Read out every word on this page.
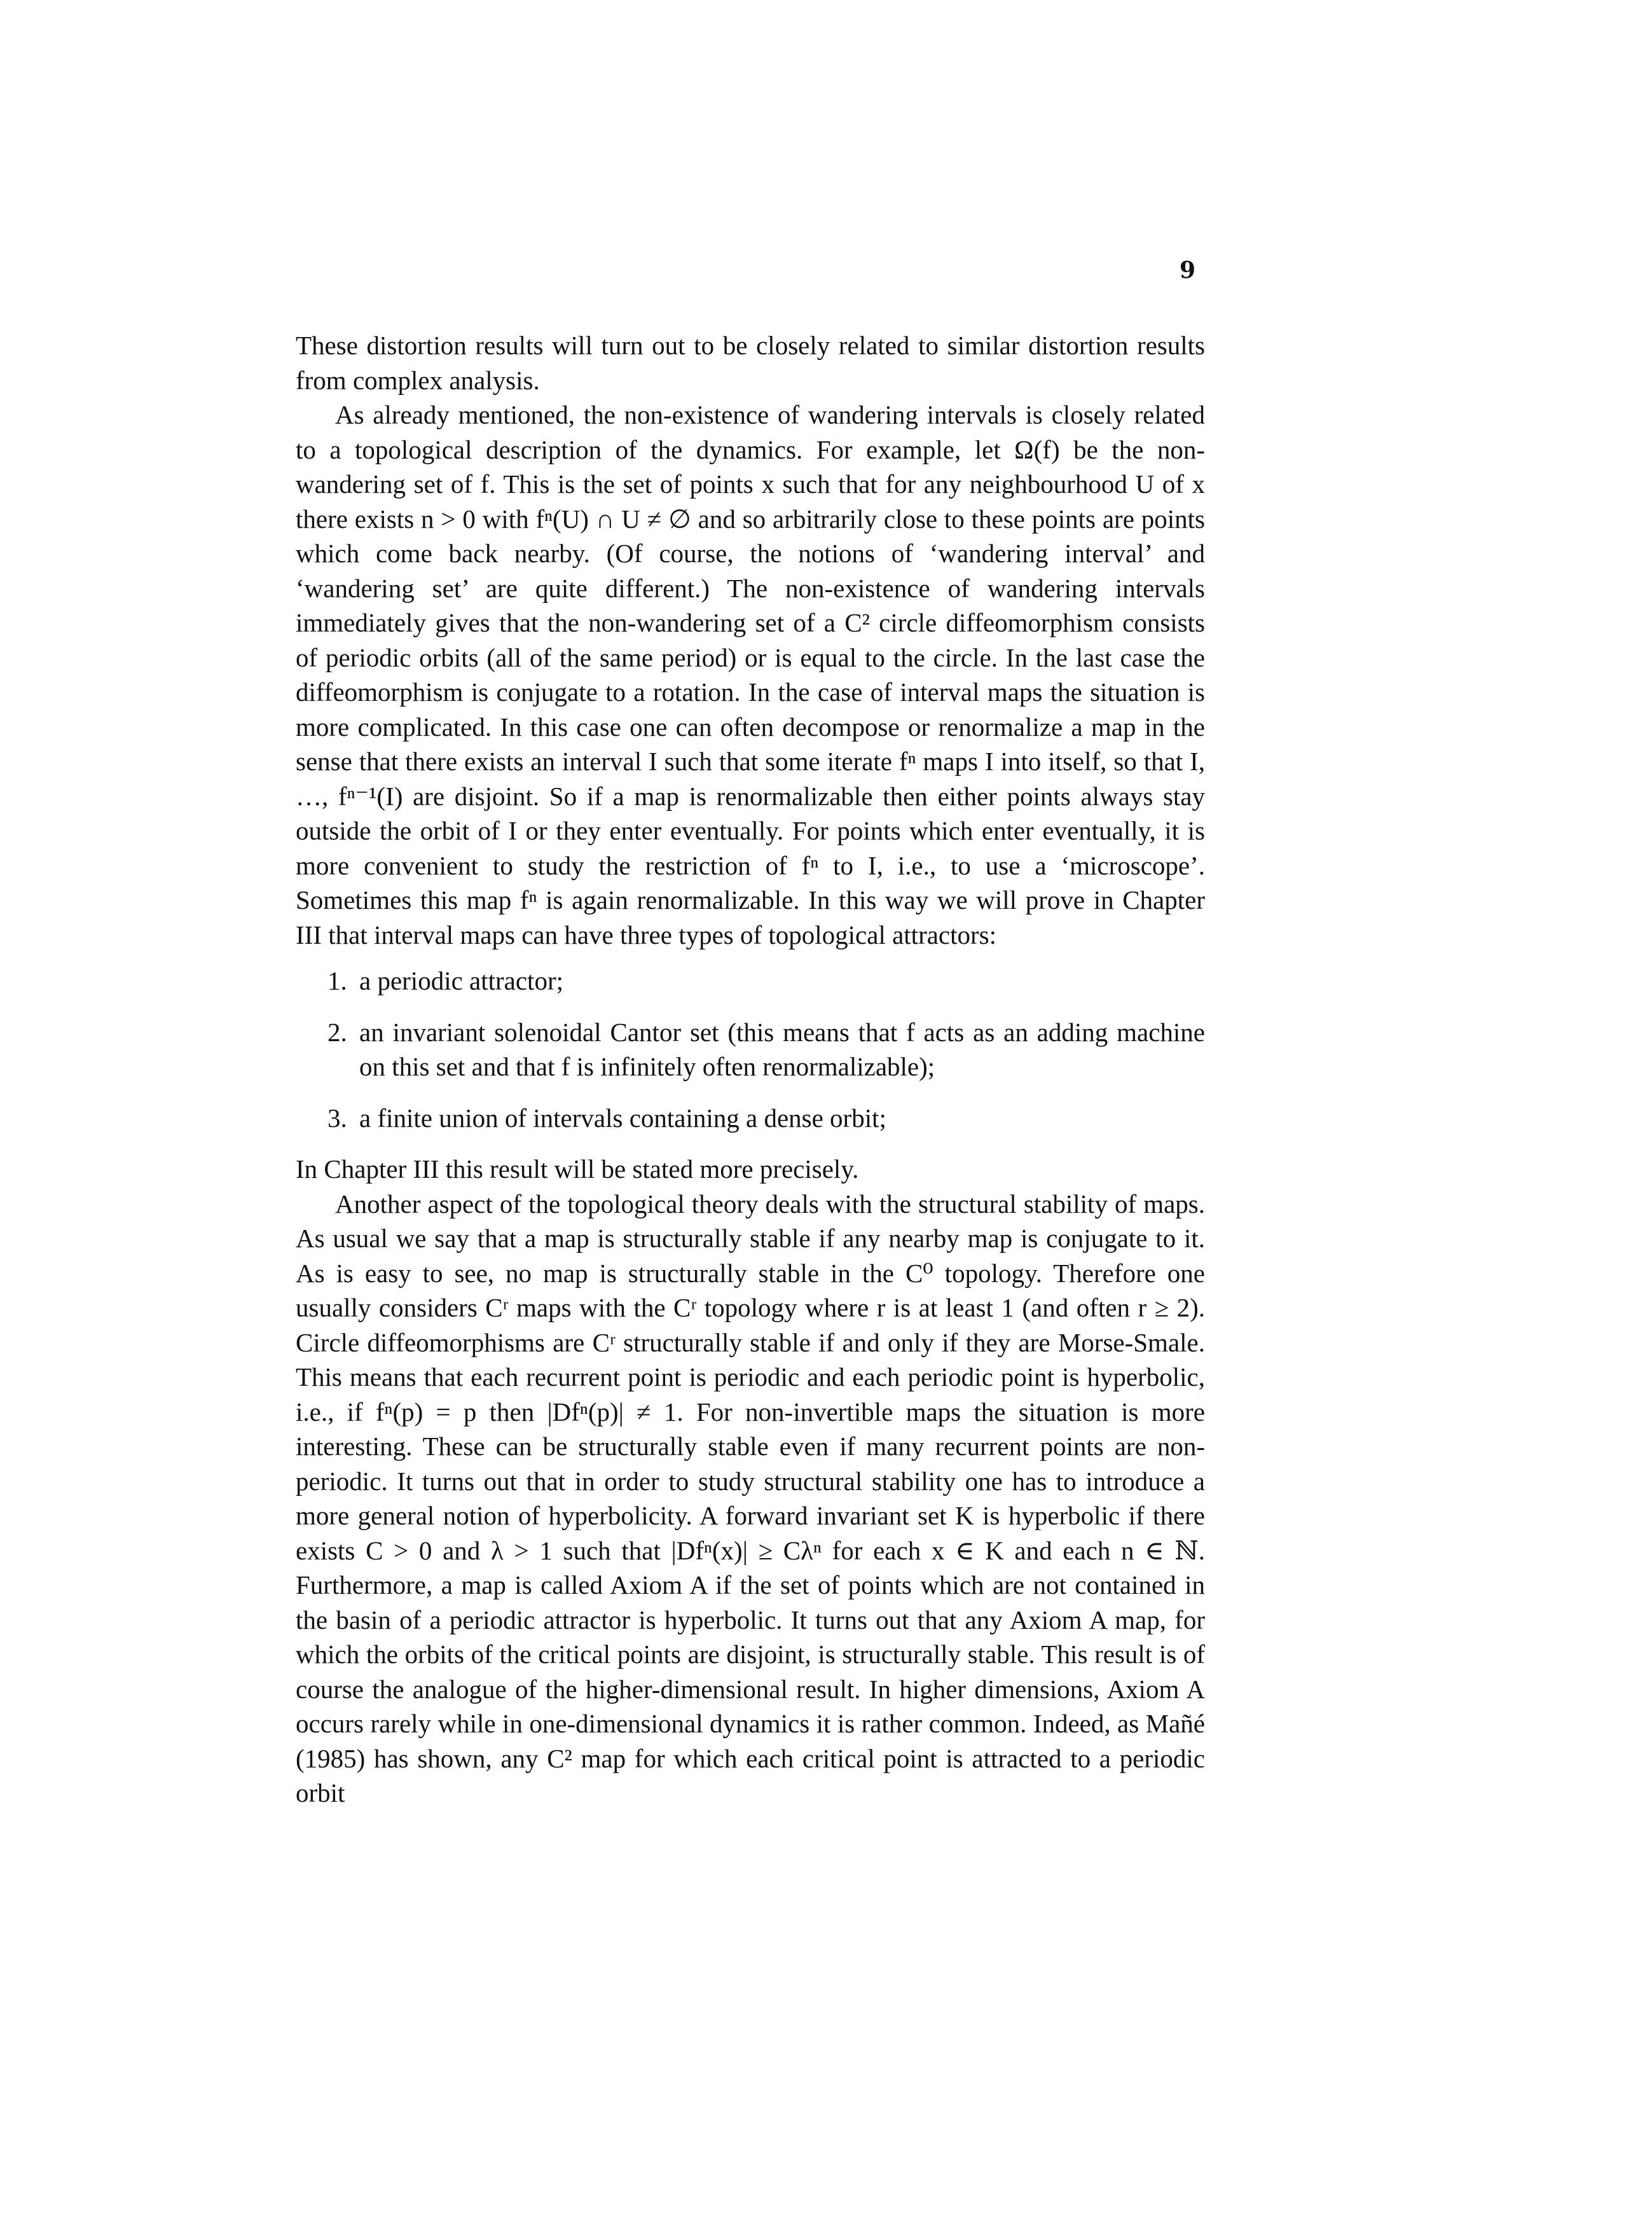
9

These distortion results will turn out to be closely related to similar distortion results from complex analysis.

As already mentioned, the non-existence of wandering intervals is closely related to a topological description of the dynamics. For example, let Ω(f) be the non-wandering set of f. This is the set of points x such that for any neighbourhood U of x there exists n > 0 with fⁿ(U) ∩ U ≠ ∅ and so arbitrarily close to these points are points which come back nearby. (Of course, the notions of ‘wandering interval’ and ‘wandering set’ are quite different.) The non-existence of wandering intervals immediately gives that the non-wandering set of a C² circle diffeomorphism consists of periodic orbits (all of the same period) or is equal to the circle. In the last case the diffeomorphism is conjugate to a rotation. In the case of interval maps the situation is more complicated. In this case one can often decompose or renormalize a map in the sense that there exists an interval I such that some iterate fⁿ maps I into itself, so that I, …, fⁿ⁻¹(I) are disjoint. So if a map is renormalizable then either points always stay outside the orbit of I or they enter eventually. For points which enter eventually, it is more convenient to study the restriction of fⁿ to I, i.e., to use a ‘microscope’. Sometimes this map fⁿ is again renormalizable. In this way we will prove in Chapter III that interval maps can have three types of topological attractors:

1. a periodic attractor;
2. an invariant solenoidal Cantor set (this means that f acts as an adding machine on this set and that f is infinitely often renormalizable);
3. a finite union of intervals containing a dense orbit;

In Chapter III this result will be stated more precisely.

Another aspect of the topological theory deals with the structural stability of maps. As usual we say that a map is structurally stable if any nearby map is conjugate to it. As is easy to see, no map is structurally stable in the C⁰ topology. Therefore one usually considers Cʳ maps with the Cʳ topology where r is at least 1 (and often r ≥ 2). Circle diffeomorphisms are Cʳ structurally stable if and only if they are Morse-Smale. This means that each recurrent point is periodic and each periodic point is hyperbolic, i.e., if fⁿ(p) = p then |Dfⁿ(p)| ≠ 1. For non-invertible maps the situation is more interesting. These can be structurally stable even if many recurrent points are non-periodic. It turns out that in order to study structural stability one has to introduce a more general notion of hyperbolicity. A forward invariant set K is hyperbolic if there exists C > 0 and λ > 1 such that |Dfⁿ(x)| ≥ Cλⁿ for each x ∈ K and each n ∈ ℕ. Furthermore, a map is called Axiom A if the set of points which are not contained in the basin of a periodic attractor is hyperbolic. It turns out that any Axiom A map, for which the orbits of the critical points are disjoint, is structurally stable. This result is of course the analogue of the higher-dimensional result. In higher dimensions, Axiom A occurs rarely while in one-dimensional dynamics it is rather common. Indeed, as Mañé (1985) has shown, any C² map for which each critical point is attracted to a periodic orbit
